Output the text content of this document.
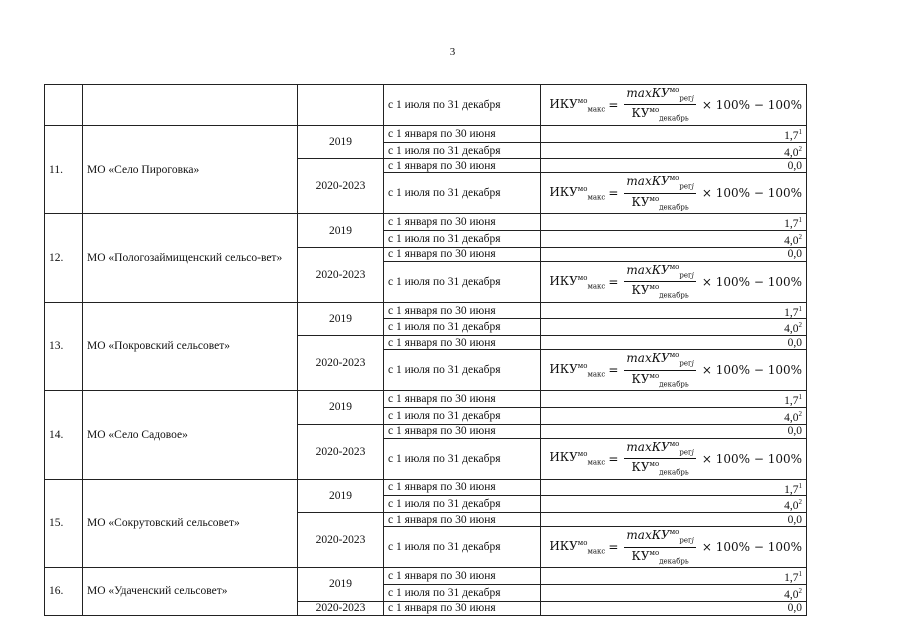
3
			с 1 июля по 31 декабря	$ИКУ^{мо}_{макс} = \frac{\max КУ^{мо}_{регj}}{КУ^{мо}_{декабрь}} \times 100\% - 100\%$

11.	МО «Село Пироговка»	2019	с 1 января по 30 июня	$1,7^1$
			с 1 июля по 31 декабря	$4,0^2$
		2020-2023	с 1 января по 30 июня	0,0
			с 1 июля по 31 декабря	$ИКУ^{мо}_{макс} = \frac{\max КУ^{мо}_{регj}}{КУ^{мо}_{декабрь}} \times 100\% - 100\%$

12.	МО «Пологозаймищенский сельсо-вет»	2019	с 1 января по 30 июня	$1,7^1$
			с 1 июля по 31 декабря	$4,0^2$
		2020-2023	с 1 января по 30 июня	0,0
			с 1 июля по 31 декабря	$ИКУ^{мо}_{макс} = \frac{\max КУ^{мо}_{регj}}{КУ^{мо}_{декабрь}} \times 100\% - 100\%$

13.	МО «Покровский сельсовет»	2019	с 1 января по 30 июня	$1,7^1$
			с 1 июля по 31 декабря	$4,0^2$
		2020-2023	с 1 января по 30 июня	0,0
			с 1 июля по 31 декабря	$ИКУ^{мо}_{макс} = \frac{\max КУ^{мо}_{регj}}{КУ^{мо}_{декабрь}} \times 100\% - 100\%$

14.	МО «Село Садовое»	2019	с 1 января по 30 июня	$1,7^1$
			с 1 июля по 31 декабря	$4,0^2$
		2020-2023	с 1 января по 30 июня	0,0
			с 1 июля по 31 декабря	$ИКУ^{мо}_{макс} = \frac{\max КУ^{мо}_{регj}}{КУ^{мо}_{декабрь}} \times 100\% - 100\%$

15.	МО «Сокрутовский сельсовет»	2019	с 1 января по 30 июня	$1,7^1$
			с 1 июля по 31 декабря	$4,0^2$
		2020-2023	с 1 января по 30 июня	0,0
			с 1 июля по 31 декабря	$ИКУ^{мо}_{макс} = \frac{\max КУ^{мо}_{регj}}{КУ^{мо}_{декабрь}} \times 100\% - 100\%$

16.	МО «Удаченский сельсовет»	2019	с 1 января по 30 июня	$1,7^1$
			с 1 июля по 31 декабря	$4,0^2$
		2020-2023	с 1 января по 30 июня	0,0
